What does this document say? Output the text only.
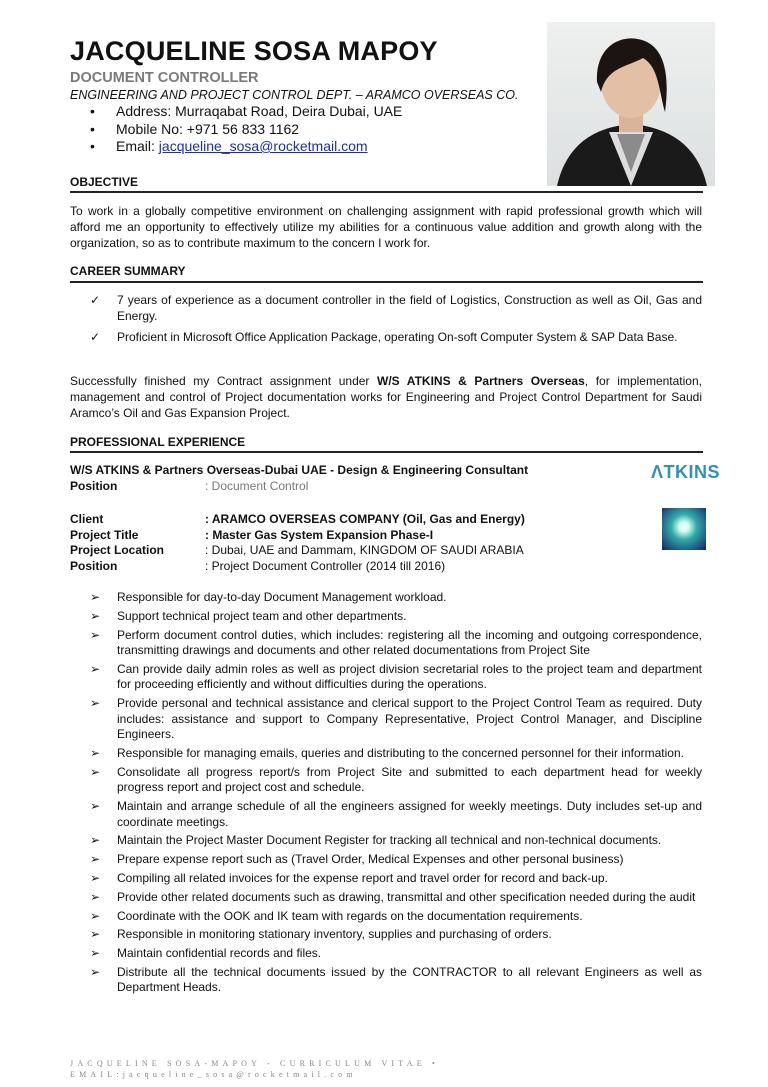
JACQUELINE SOSA MAPOY
DOCUMENT CONTROLLER
ENGINEERING AND PROJECT CONTROL DEPT. – ARAMCO OVERSEAS CO.
• Address: Murraqabat Road, Deira Dubai, UAE
• Mobile No: +971 56 833 1162
• Email: jacqueline_sosa@rocketmail.com
OBJECTIVE
To work in a globally competitive environment on challenging assignment with rapid professional growth which will afford me an opportunity to effectively utilize my abilities for a continuous value addition and growth along with the organization, so as to contribute maximum to the concern I work for.
CAREER SUMMARY
✓ 7 years of experience as a document controller in the field of Logistics, Construction as well as Oil, Gas and Energy.
✓ Proficient in Microsoft Office Application Package, operating On-soft Computer System & SAP Data Base.
Successfully finished my Contract assignment under W/S ATKINS & Partners Overseas, for implementation, management and control of Project documentation works for Engineering and Project Control Department for Saudi Aramco’s Oil and Gas Expansion Project.
PROFESSIONAL EXPERIENCE
W/S ATKINS & Partners Overseas-Dubai UAE - Design & Engineering Consultant
Position	: Document Control
ΛTKINS
Client	: ARAMCO OVERSEAS COMPANY (Oil, Gas and Energy)
Project Title	: Master Gas System Expansion Phase-I
Project Location	: Dubai, UAE and Dammam, KINGDOM OF SAUDI ARABIA
Position	: Project Document Controller (2014 till 2016)
➢ Responsible for day-to-day Document Management workload.
➢ Support technical project team and other departments.
➢ Perform document control duties, which includes: registering all the incoming and outgoing correspondence, transmitting drawings and documents and other related documentations from Project Site
➢ Can provide daily admin roles as well as project division secretarial roles to the project team and department for proceeding efficiently and without difficulties during the operations.
➢ Provide personal and technical assistance and clerical support to the Project Control Team as required. Duty includes: assistance and support to Company Representative, Project Control Manager, and Discipline Engineers.
➢ Responsible for managing emails, queries and distributing to the concerned personnel for their information.
➢ Consolidate all progress report/s from Project Site and submitted to each department head for weekly progress report and project cost and schedule.
➢ Maintain and arrange schedule of all the engineers assigned for weekly meetings. Duty includes set-up and coordinate meetings.
➢ Maintain the Project Master Document Register for tracking all technical and non-technical documents.
➢ Prepare expense report such as (Travel Order, Medical Expenses and other personal business)
➢ Compiling all related invoices for the expense report and travel order for record and back-up.
➢ Provide other related documents such as drawing, transmittal and other specification needed during the audit
➢ Coordinate with the OOK and IK team with regards on the documentation requirements.
➢ Responsible in monitoring stationary inventory, supplies and purchasing of orders.
➢ Maintain confidential records and files.
➢ Distribute all the technical documents issued by the CONTRACTOR to all relevant Engineers as well as Department Heads.
JACQUELINE SOSA-MAPOY - CURRICULUM VITAE •
EMAIL:jacqueline_sosa@rocketmail.com
